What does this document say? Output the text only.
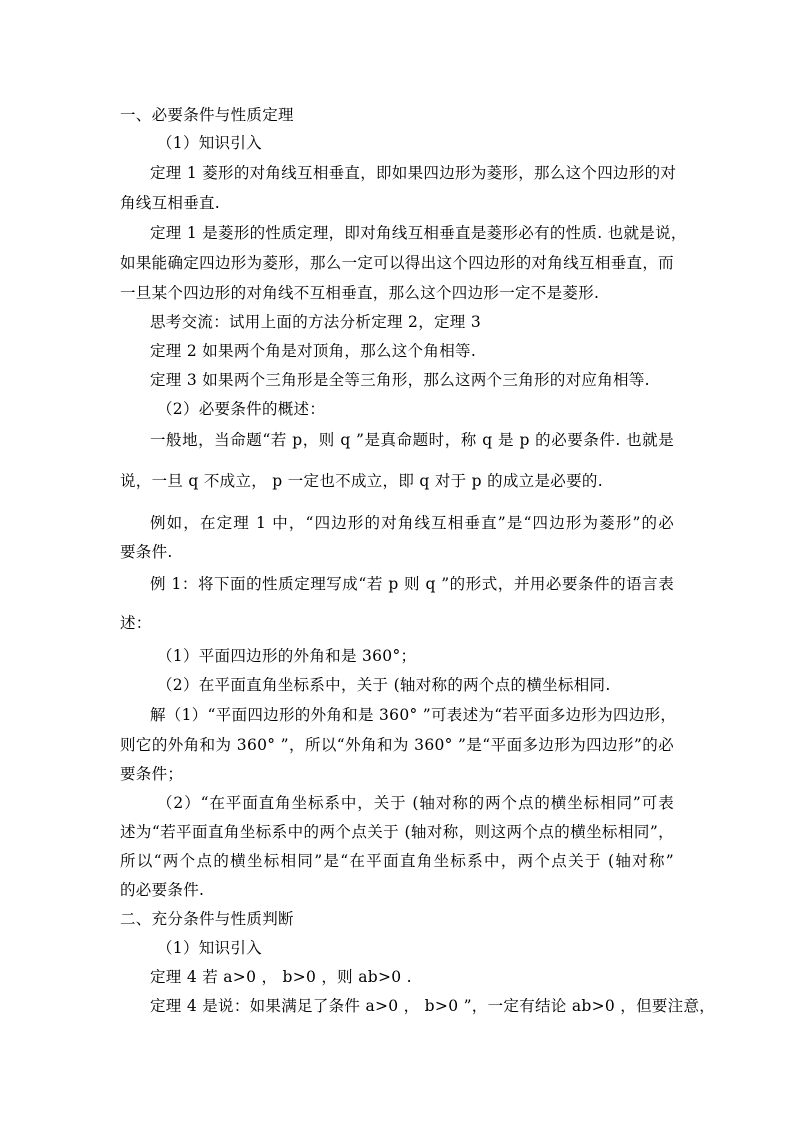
一、必要条件与性质定理
（1）知识引入
定理 1 菱形的对角线互相垂直，即如果四边形为菱形，那么这个四边形的对
角线互相垂直.
定理 1 是菱形的性质定理，即对角线互相垂直是菱形必有的性质. 也就是说，
如果能确定四边形为菱形，那么一定可以得出这个四边形的对角线互相垂直，而
一旦某个四边形的对角线不互相垂直，那么这个四边形一定不是菱形.
思考交流：试用上面的方法分析定理 2，定理 3
定理 2 如果两个角是对顶角，那么这个角相等.
定理 3 如果两个三角形是全等三角形，那么这两个三角形的对应角相等.
（2）必要条件的概述：
一般地，当命题“若 p，则 q ”是真命题时，称 q 是 p 的必要条件. 也就是
说，一旦 q 不成立， p 一定也不成立，即 q 对于 p 的成立是必要的.
例如，在定理 1 中，“四边形的对角线互相垂直”是“四边形为菱形”的必
要条件.
例 1：将下面的性质定理写成“若 p 则 q ”的形式，并用必要条件的语言表
述：
（1）平面四边形的外角和是 360°；
（2）在平面直角坐标系中，关于 (轴对称的两个点的横坐标相同.
解（1）“平面四边形的外角和是 360° ”可表述为“若平面多边形为四边形，
则它的外角和为 360° ”，所以“外角和为 360° ”是“平面多边形为四边形”的必
要条件；
（2）“在平面直角坐标系中，关于 (轴对称的两个点的横坐标相同”可表
述为“若平面直角坐标系中的两个点关于 (轴对称，则这两个点的横坐标相同”，
所以“两个点的横坐标相同”是“在平面直角坐标系中，两个点关于 (轴对称”
的必要条件.
二、充分条件与性质判断
（1）知识引入
定理 4 若 a>0 ， b>0 ，则 ab>0 .
定理 4 是说：如果满足了条件 a>0 ， b>0 ”，一定有结论 ab>0 ，但要注意，
